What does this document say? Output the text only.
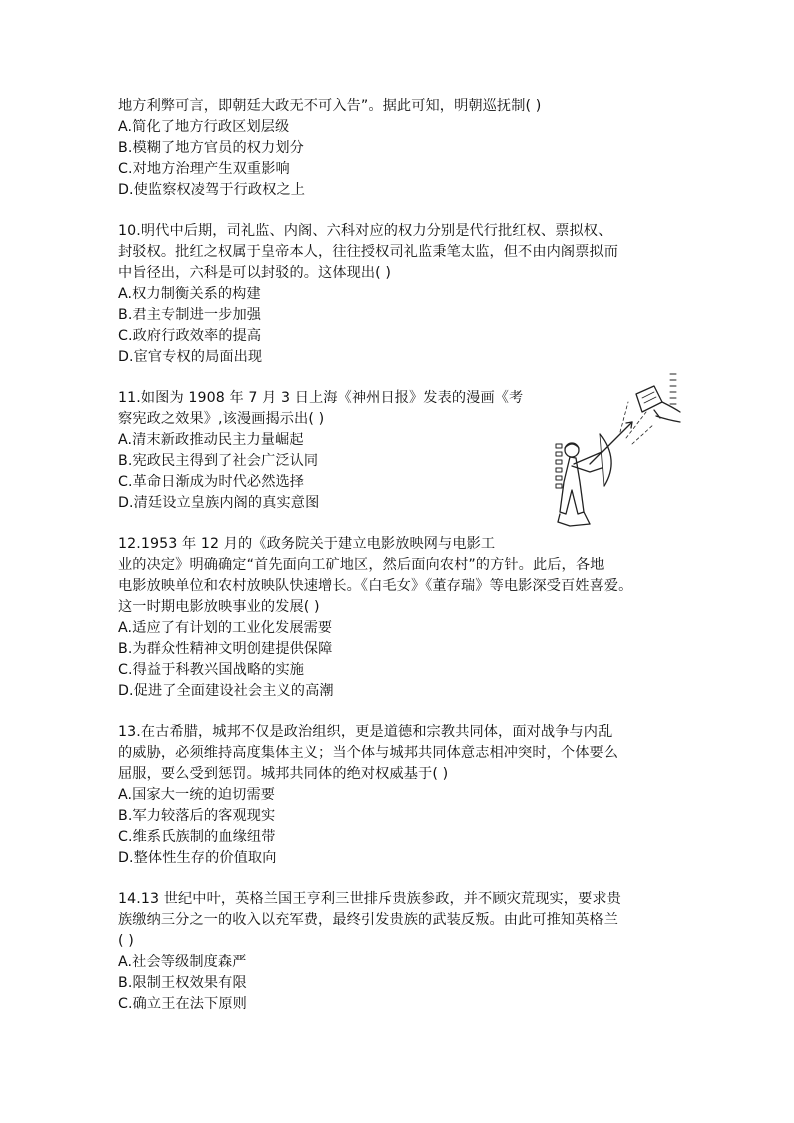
地方利弊可言，即朝廷大政无不可入告”。据此可知，明朝巡抚制( )
A.简化了地方行政区划层级
B.模糊了地方官员的权力划分
C.对地方治理产生双重影响
D.使监察权凌驾于行政权之上
10.明代中后期，司礼监、内阁、六科对应的权力分别是代行批红权、票拟权、
封驳权。批红之权属于皇帝本人，往往授权司礼监秉笔太监，但不由内阁票拟而
中旨径出，六科是可以封驳的。这体现出( )
A.权力制衡关系的构建
B.君主专制进一步加强
C.政府行政效率的提高
D.宦官专权的局面出现
11.如图为 1908 年 7 月 3 日上海《神州日报》发表的漫画《考
察宪政之效果》,该漫画揭示出( )
A.清末新政推动民主力量崛起
B.宪政民主得到了社会广泛认同
C.革命日渐成为时代必然选择
D.清廷设立皇族内阁的真实意图
12.1953 年 12 月的《政务院关于建立电影放映网与电影工
业的决定》明确确定“首先面向工矿地区，然后面向农村”的方针。此后，各地
电影放映单位和农村放映队快速增长。《白毛女》《董存瑞》等电影深受百姓喜爱。
这一时期电影放映事业的发展( )
A.适应了有计划的工业化发展需要
B.为群众性精神文明创建提供保障
C.得益于科教兴国战略的实施
D.促进了全面建设社会主义的高潮
13.在古希腊，城邦不仅是政治组织，更是道德和宗教共同体，面对战争与内乱
的威胁，必须维持高度集体主义；当个体与城邦共同体意志相冲突时，个体要么
屈服，要么受到惩罚。城邦共同体的绝对权威基于( )
A.国家大一统的迫切需要
B.军力较落后的客观现实
C.维系氏族制的血缘纽带
D.整体性生存的价值取向
14.13 世纪中叶，英格兰国王亨利三世排斥贵族参政，并不顾灾荒现实，要求贵
族缴纳三分之一的收入以充军费，最终引发贵族的武装反叛。由此可推知英格兰
( )
A.社会等级制度森严
B.限制王权效果有限
C.确立王在法下原则
